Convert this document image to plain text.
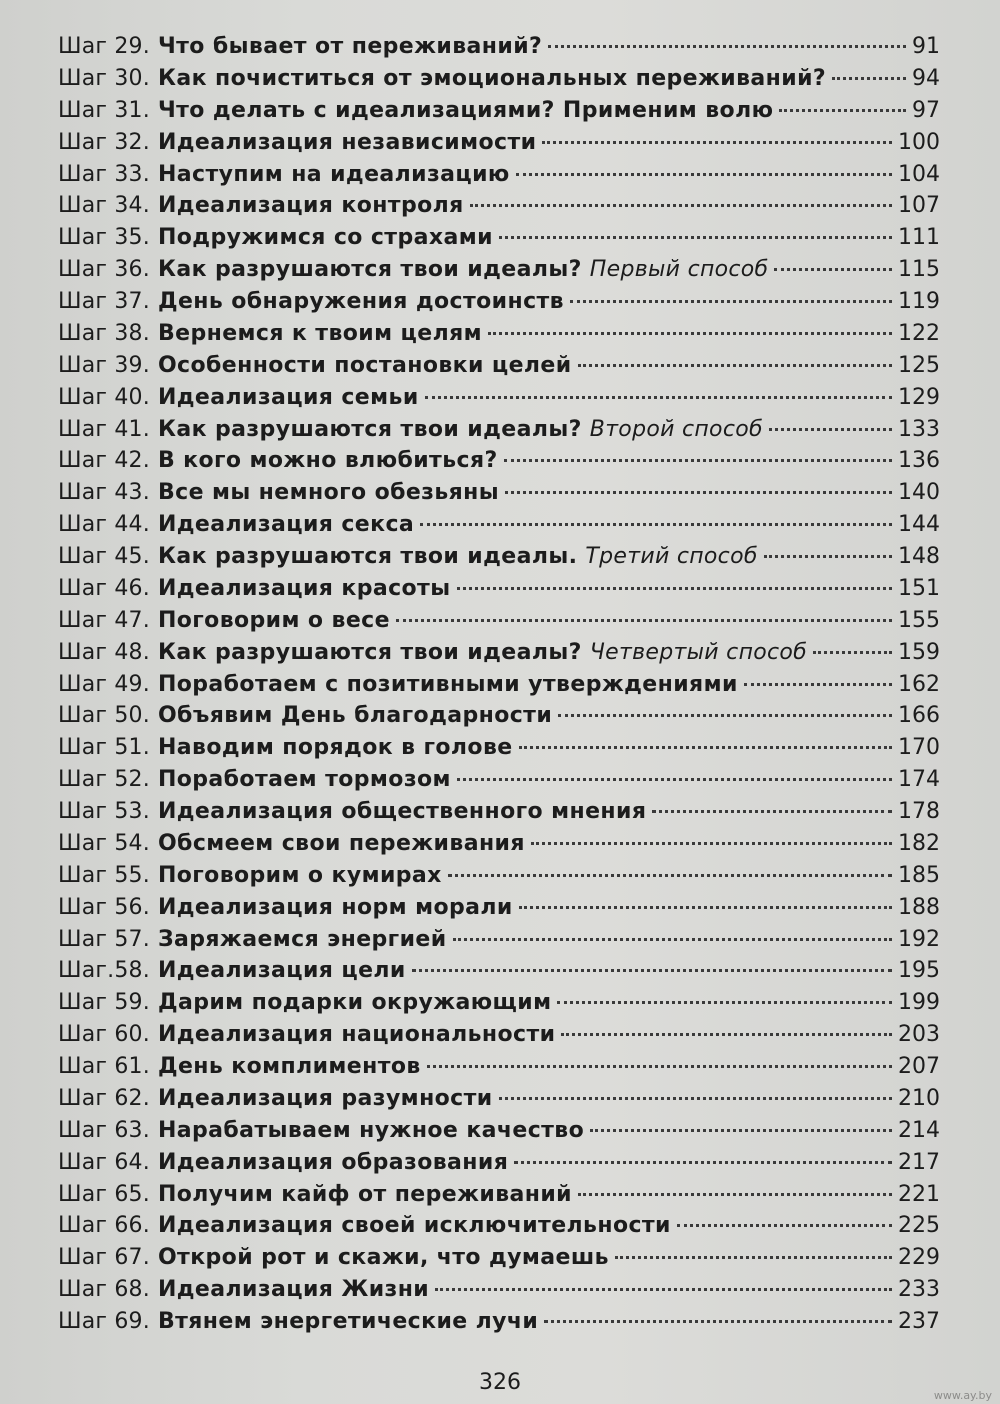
Шаг 29. Что бывает от переживаний?	91
Шаг 30. Как почиститься от эмоциональных переживаний?	94
Шаг 31. Что делать с идеализациями? Применим волю	97
Шаг 32. Идеализация независимости	100
Шаг 33. Наступим на идеализацию	104
Шаг 34. Идеализация контроля	107
Шаг 35. Подружимся со страхами	111
Шаг 36. Как разрушаются твои идеалы? Первый способ	115
Шаг 37. День обнаружения достоинств	119
Шаг 38. Вернемся к твоим целям	122
Шаг 39. Особенности постановки целей	125
Шаг 40. Идеализация семьи	129
Шаг 41. Как разрушаются твои идеалы? Второй способ	133
Шаг 42. В кого можно влюбиться?	136
Шаг 43. Все мы немного обезьяны	140
Шаг 44. Идеализация секса	144
Шаг 45. Как разрушаются твои идеалы. Третий способ	148
Шаг 46. Идеализация красоты	151
Шаг 47. Поговорим о весе	155
Шаг 48. Как разрушаются твои идеалы? Четвертый способ	159
Шаг 49. Поработаем с позитивными утверждениями	162
Шаг 50. Объявим День благодарности	166
Шаг 51. Наводим порядок в голове	170
Шаг 52. Поработаем тормозом	174
Шаг 53. Идеализация общественного мнения	178
Шаг 54. Обсмеем свои переживания	182
Шаг 55. Поговорим о кумирах	185
Шаг 56. Идеализация норм морали	188
Шаг 57. Заряжаемся энергией	192
Шаг.58. Идеализация цели	195
Шаг 59. Дарим подарки окружающим	199
Шаг 60. Идеализация национальности	203
Шаг 61. День комплиментов	207
Шаг 62. Идеализация разумности	210
Шаг 63. Нарабатываем нужное качество	214
Шаг 64. Идеализация образования	217
Шаг 65. Получим кайф от переживаний	221
Шаг 66. Идеализация своей исключительности	225
Шаг 67. Открой рот и скажи, что думаешь	229
Шаг 68. Идеализация Жизни	233
Шаг 69. Втянем энергетические лучи	237
326
www.ay.by
